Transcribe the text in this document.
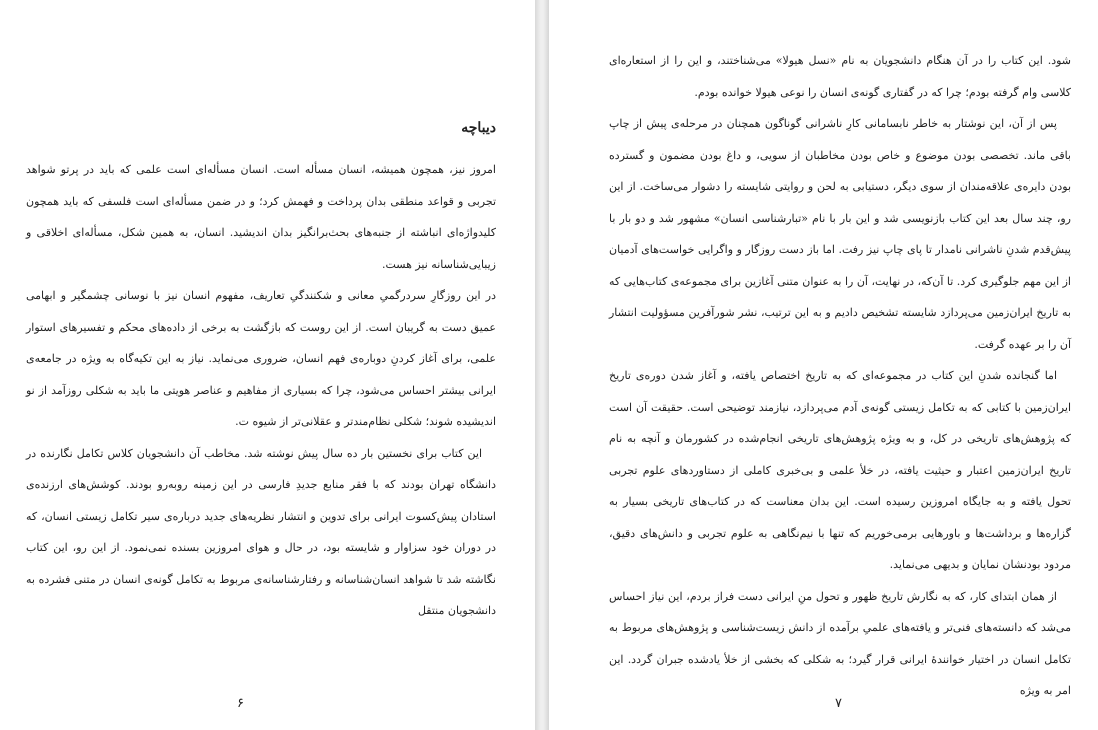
دیباچه

امروز نیز، همچون همیشه، انسان مسأله است. انسان مسأله‌ای است علمی که باید در پرتو شواهد تجربی و قواعد منطقی بدان پرداخت و فهمش کرد؛ و در ضمن مسأله‌ای است فلسفی که باید همچون کلیدواژه‌ای انباشته از جنبه‌های بحث‌برانگیز بدان اندیشید. انسان، به همین شکل، مسأله‌ای اخلاقی و زیبایی‌شناسانه نیز هست.

در این روزگارِ سردرگمیِ معانی و شکنندگیِ تعاریف، مفهوم انسان نیز با نوسانی چشمگیر و ابهامی عمیق دست به گریبان است. از این روست که بازگشت به برخی از داده‌های محکم و تفسیرهای استوار علمی، برای آغاز کردنِ دوباره‌ی فهم انسان، ضروری می‌نماید. نیاز به این تکیه‌گاه به ویژه در جامعه‌ی ایرانی بیشتر احساس می‌شود، چرا که بسیاری از مفاهیم و عناصر هویتی ما باید به شکلی روزآمد از نو اندیشیده شوند؛ شکلی نظام‌مندتر و عقلانی‌تر از شیوه ت.

این کتاب برای نخستین بار ده سال پیش نوشته شد. مخاطب آن دانشجویان کلاس تکامل نگارنده در دانشگاه تهران بودند که با فقر منابع جدیدِ فارسی در این زمینه روبه‌رو بودند. کوشش‌های ارزنده‌ی استادان پیش‌کسوت ایرانی برای تدوین و انتشار نظریه‌های جدید درباره‌ی سیر تکامل زیستی انسان، که در دوران خود سزاوار و شایسته بود، در حال و هوای امروزین بسنده نمی‌نمود. از این رو، این کتاب نگاشته شد تا شواهد انسان‌شناسانه و رفتارشناسانه‌ی مربوط به تکامل گونه‌ی انسان در متنی فشرده به دانشجویان منتقل

۶

شود. این کتاب را در آن هنگام دانشجویان به نام «نسل هیولا» می‌شناختند، و این را از استعاره‌ای کلاسی وام گرفته بودم؛ چرا که در گفتاری گونه‌ی انسان را نوعی هیولا خوانده بودم.

پس از آن، این نوشتار به خاطر نابسامانی کارِ ناشرانی گوناگون همچنان در مرحله‌ی پیش از چاپ باقی ماند. تخصصی بودن موضوع و خاص بودن مخاطبان از سویی، و داغ بودن مضمون و گسترده بودن دایره‌ی علاقه‌مندان از سوی دیگر، دستیابی به لحن و روایتی شایسته را دشوار می‌ساخت. از این رو، چند سال بعد این کتاب بازنویسی شد و این بار با نام «تبارشناسی انسان» مشهور شد و دو بار با پیش‌قدم شدنِ ناشرانی نامدار تا پای چاپ نیز رفت. اما باز دست روزگار و واگرایی خواست‌های آدمیان از این مهم جلوگیری کرد. تا آن‌که، در نهایت، آن را به عنوان متنی آغازین برای مجموعه‌ی کتاب‌هایی که به تاریخ ایران‌زمین می‌پردازد شایسته تشخیص دادیم و به این ترتیب، نشر شورآفرین مسؤولیت انتشار آن را بر عهده گرفت.

اما گنجانده شدنِ این کتاب در مجموعه‌ای که به تاریخ اختصاص یافته، و آغاز شدن دوره‌ی تاریخ ایران‌زمین با کتابی که به تکامل زیستی گونه‌ی آدم می‌پردازد، نیازمند توضیحی است. حقیقت آن است که پژوهش‌های تاریخی در کل، و به ویژه پژوهش‌های تاریخی انجام‌شده در کشورمان و آنچه به نام تاریخ ایران‌زمین اعتبار و حیثیت یافته، در خلأ علمی و بی‌خبری کاملی از دستاوردهای علوم تجربی تحول یافته و به جایگاه امروزین رسیده است. این بدان معناست که در کتاب‌های تاریخی بسیار به گزاره‌ها و برداشت‌ها و باورهایی برمی‌خوریم که تنها با نیم‌نگاهی به علوم تجربی و دانش‌های دقیق، مردود بودنشان نمایان و بدیهی می‌نماید.

از همان ابتدای کار، که به نگارش تاریخ ظهور و تحول منِ ایرانی دست فراز بردم، این نیاز احساس می‌شد که دانسته‌های فنی‌تر و یافته‌های علمیِ برآمده از دانش زیست‌شناسی و پژوهش‌های مربوط به تکامل انسان در اختیار خوانندهٔ ایرانی قرار گیرد؛ به شکلی که بخشی از خلأ یادشده جبران گردد. این امر به ویژه

۷
